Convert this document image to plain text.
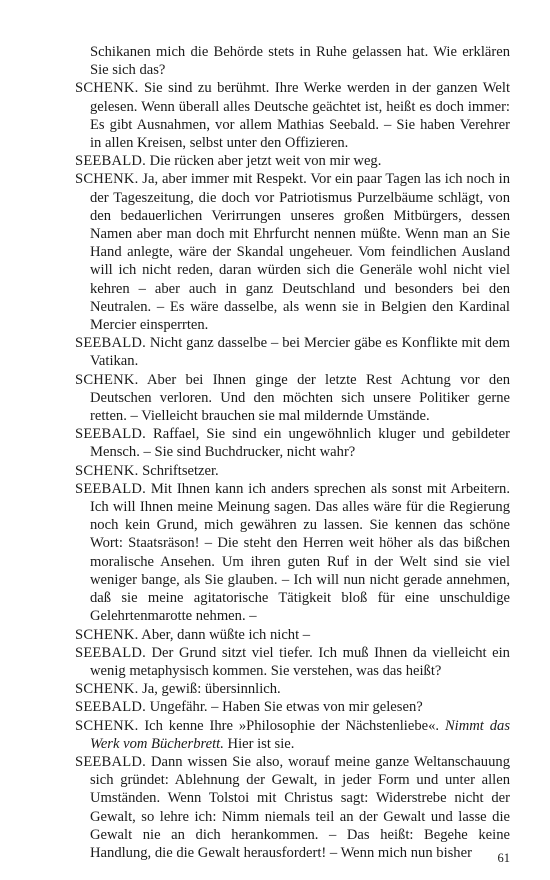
Schikanen mich die Behörde stets in Ruhe gelassen hat. Wie erklären Sie sich das?

SCHENK. Sie sind zu berühmt. Ihre Werke werden in der ganzen Welt gelesen. Wenn überall alles Deutsche geächtet ist, heißt es doch immer: Es gibt Ausnahmen, vor allem Mathias Seebald. – Sie haben Verehrer in allen Kreisen, selbst unter den Offizieren.

SEEBALD. Die rücken aber jetzt weit von mir weg.

SCHENK. Ja, aber immer mit Respekt. Vor ein paar Tagen las ich noch in der Tageszeitung, die doch vor Patriotismus Purzelbäume schlägt, von den bedauerlichen Verirrungen unseres großen Mitbürgers, dessen Namen aber man doch mit Ehrfurcht nennen müßte. Wenn man an Sie Hand anlegte, wäre der Skandal ungeheuer. Vom feindlichen Ausland will ich nicht reden, daran würden sich die Generäle wohl nicht viel kehren – aber auch in ganz Deutschland und besonders bei den Neutralen. – Es wäre dasselbe, als wenn sie in Belgien den Kardinal Mercier einsperrten.

SEEBALD. Nicht ganz dasselbe – bei Mercier gäbe es Konflikte mit dem Vatikan.

SCHENK. Aber bei Ihnen ginge der letzte Rest Achtung vor den Deutschen verloren. Und den möchten sich unsere Politiker gerne retten. – Vielleicht brauchen sie mal mildernde Umstände.

SEEBALD. Raffael, Sie sind ein ungewöhnlich kluger und gebildeter Mensch. – Sie sind Buchdrucker, nicht wahr?

SCHENK. Schriftsetzer.

SEEBALD. Mit Ihnen kann ich anders sprechen als sonst mit Arbeitern. Ich will Ihnen meine Meinung sagen. Das alles wäre für die Regierung noch kein Grund, mich gewähren zu lassen. Sie kennen das schöne Wort: Staatsräson! – Die steht den Herren weit höher als das bißchen moralische Ansehen. Um ihren guten Ruf in der Welt sind sie viel weniger bange, als Sie glauben. – Ich will nun nicht gerade annehmen, daß sie meine agitatorische Tätigkeit bloß für eine unschuldige Gelehrtenmarotte nehmen. –

SCHENK. Aber, dann wüßte ich nicht –

SEEBALD. Der Grund sitzt viel tiefer. Ich muß Ihnen da vielleicht ein wenig metaphysisch kommen. Sie verstehen, was das heißt?

SCHENK. Ja, gewiß: übersinnlich.

SEEBALD. Ungefähr. – Haben Sie etwas von mir gelesen?

SCHENK. Ich kenne Ihre »Philosophie der Nächstenliebe«. Nimmt das Werk vom Bücherbrett. Hier ist sie.

SEEBALD. Dann wissen Sie also, worauf meine ganze Weltanschauung sich gründet: Ablehnung der Gewalt, in jeder Form und unter allen Umständen. Wenn Tolstoi mit Christus sagt: Widerstrebe nicht der Gewalt, so lehre ich: Nimm niemals teil an der Gewalt und lasse die Gewalt nie an dich herankommen. – Das heißt: Begehe keine Handlung, die die Gewalt herausfordert! – Wenn mich nun bisher	61
